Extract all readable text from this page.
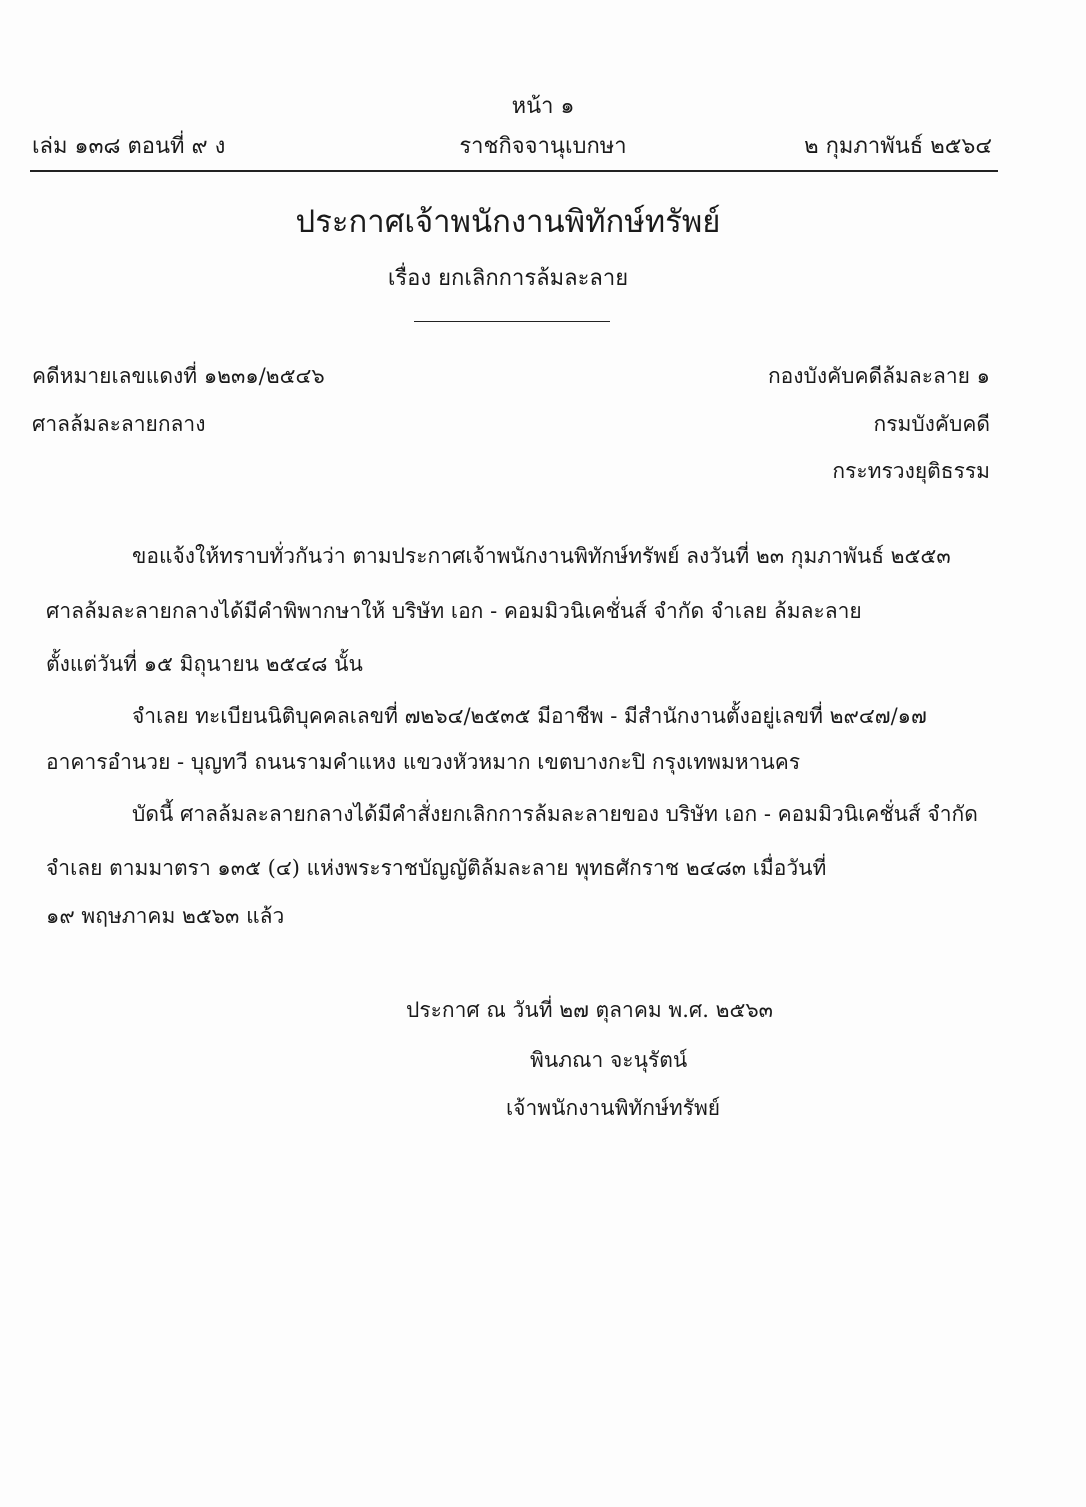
หน้า ๑
เล่ม ๑๓๘ ตอนที่ ๙ ง	ราชกิจจานุเบกษา	๒ กุมภาพันธ์ ๒๕๖๔
ประกาศเจ้าพนักงานพิทักษ์ทรัพย์
เรื่อง ยกเลิกการล้มละลาย
คดีหมายเลขแดงที่ ๑๒๓๑/๒๕๔๖
ศาลล้มละลายกลาง
กองบังคับคดีล้มละลาย ๑
กรมบังคับคดี
กระทรวงยุติธรรม
ขอแจ้งให้ทราบทั่วกันว่า ตามประกาศเจ้าพนักงานพิทักษ์ทรัพย์ ลงวันที่ ๒๓ กุมภาพันธ์ ๒๕๕๓
ศาลล้มละลายกลางได้มีคำพิพากษาให้ บริษัท เอก - คอมมิวนิเคชั่นส์ จำกัด จำเลย ล้มละลาย
ตั้งแต่วันที่ ๑๕ มิถุนายน ๒๕๔๘ นั้น
จำเลย ทะเบียนนิติบุคคลเลขที่ ๗๒๖๔/๒๕๓๕ มีอาชีพ - มีสำนักงานตั้งอยู่เลขที่ ๒๙๔๗/๑๗
อาคารอำนวย - บุญทวี ถนนรามคำแหง แขวงหัวหมาก เขตบางกะปิ กรุงเทพมหานคร
บัดนี้ ศาลล้มละลายกลางได้มีคำสั่งยกเลิกการล้มละลายของ บริษัท เอก - คอมมิวนิเคชั่นส์ จำกัด
จำเลย ตามมาตรา ๑๓๕ (๔) แห่งพระราชบัญญัติล้มละลาย พุทธศักราช ๒๔๘๓ เมื่อวันที่
๑๙ พฤษภาคม ๒๕๖๓ แล้ว
ประกาศ ณ วันที่ ๒๗ ตุลาคม พ.ศ. ๒๕๖๓
พินภณา จะนุรัตน์
เจ้าพนักงานพิทักษ์ทรัพย์
